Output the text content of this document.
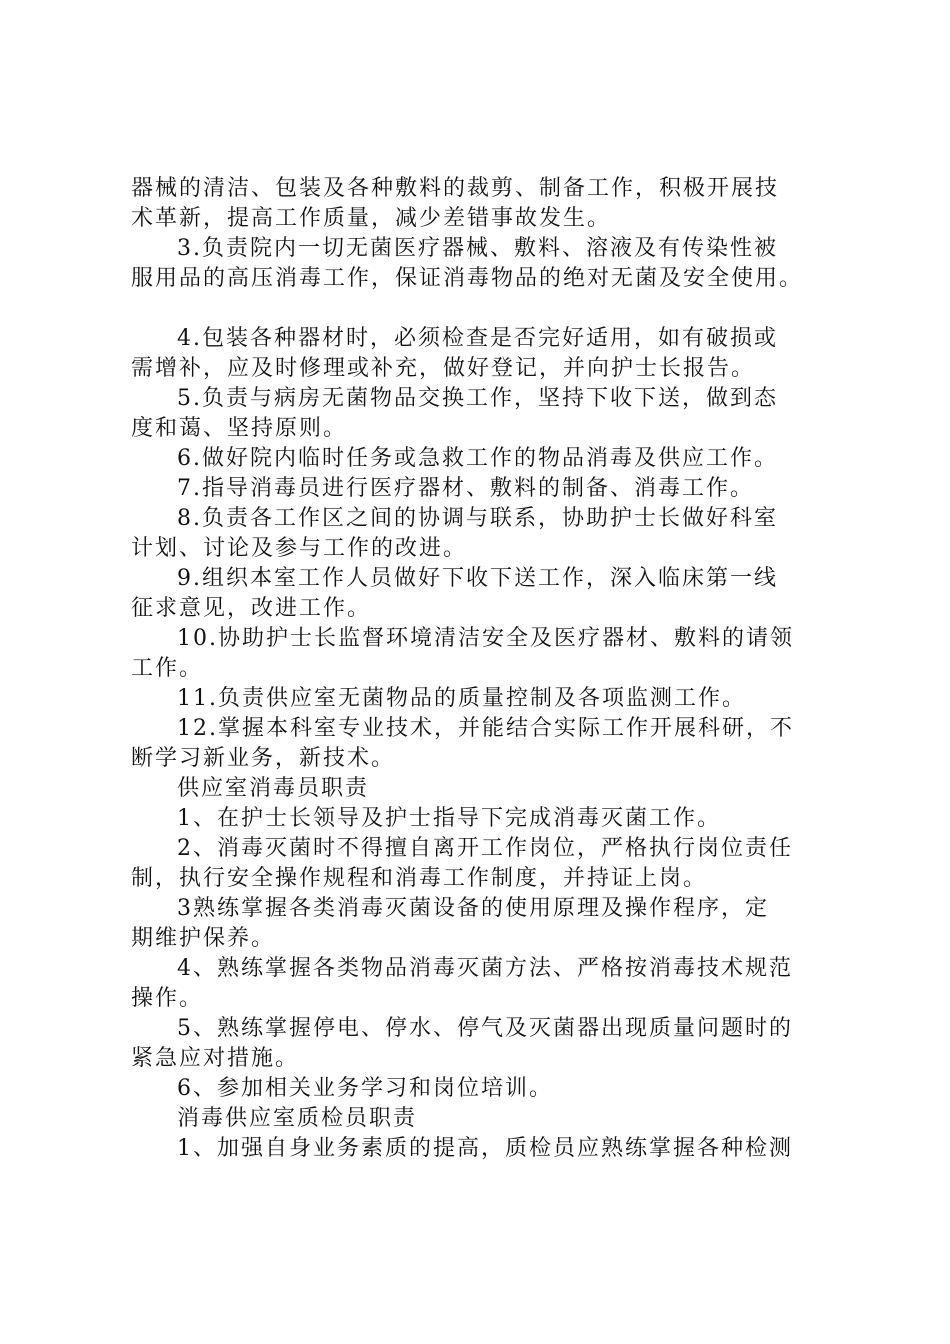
器械的清洁、包装及各种敷料的裁剪、制备工作，积极开展技

术革新，提高工作质量，减少差错事故发生。

3.负责院内一切无菌医疗器械、敷料、溶液及有传染性被

服用品的高压消毒工作，保证消毒物品的绝对无菌及安全使用。

4.包装各种器材时，必须检查是否完好适用，如有破损或

需增补，应及时修理或补充，做好登记，并向护士长报告。

5.负责与病房无菌物品交换工作，坚持下收下送，做到态

度和蔼、坚持原则。

6.做好院内临时任务或急救工作的物品消毒及供应工作。

7.指导消毒员进行医疗器材、敷料的制备、消毒工作。

8.负责各工作区之间的协调与联系，协助护士长做好科室

计划、讨论及参与工作的改进。

9.组织本室工作人员做好下收下送工作，深入临床第一线

征求意见，改进工作。

10.协助护士长监督环境清洁安全及医疗器材、敷料的请领

工作。

11.负责供应室无菌物品的质量控制及各项监测工作。

12.掌握本科室专业技术，并能结合实际工作开展科研，不

断学习新业务，新技术。

供应室消毒员职责

1、在护士长领导及护士指导下完成消毒灭菌工作。

2、消毒灭菌时不得擅自离开工作岗位，严格执行岗位责任

制，执行安全操作规程和消毒工作制度，并持证上岗。

3熟练掌握各类消毒灭菌设备的使用原理及操作程序，定

期维护保养。

4、熟练掌握各类物品消毒灭菌方法、严格按消毒技术规范

操作。

5、熟练掌握停电、停水、停气及灭菌器出现质量问题时的

紧急应对措施。

6、参加相关业务学习和岗位培训。

消毒供应室质检员职责

1、加强自身业务素质的提高，质检员应熟练掌握各种检测
